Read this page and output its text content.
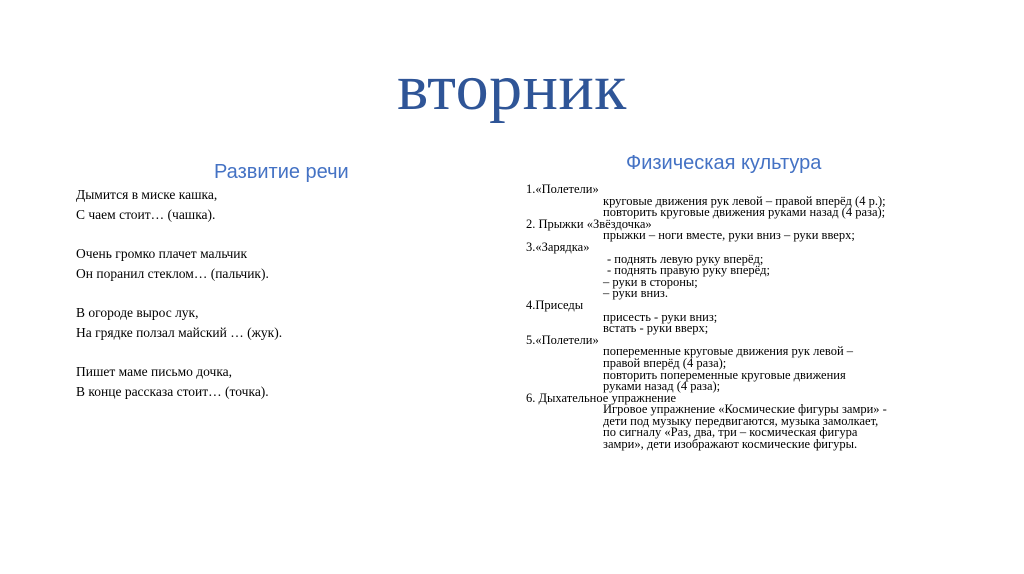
вторник
Развитие речи
Дымится в миске кашка,
С чаем стоит… (чашка).
Очень громко плачет мальчик
Он поранил стеклом… (пальчик).
В огороде вырос лук,
На грядке ползал майский … (жук).
Пишет маме письмо дочка,
В конце рассказа стоит… (точка).
Физическая культура
1.«Полетели»
круговые движения рук левой – правой вперёд (4 р.);
повторить круговые движения руками назад (4 раза);
2. Прыжки «Звёздочка»
прыжки – ноги вместе, руки вниз – руки вверх;
3.«Зарядка»
- поднять левую руку вперёд;
- поднять правую руку вперёд;
– руки в стороны;
– руки вниз.
4.Приседы
присесть - руки вниз;
встать - руки вверх;
5.«Полетели»
попеременные круговые движения рук левой –
правой вперёд (4 раза);
повторить попеременные круговые движения
руками назад (4 раза);
6. Дыхательное упражнение
Игровое упражнение «Космические фигуры замри» -
дети под музыку передвигаются, музыка замолкает,
по сигналу «Раз, два, три – космическая фигура
замри», дети изображают космические фигуры.
